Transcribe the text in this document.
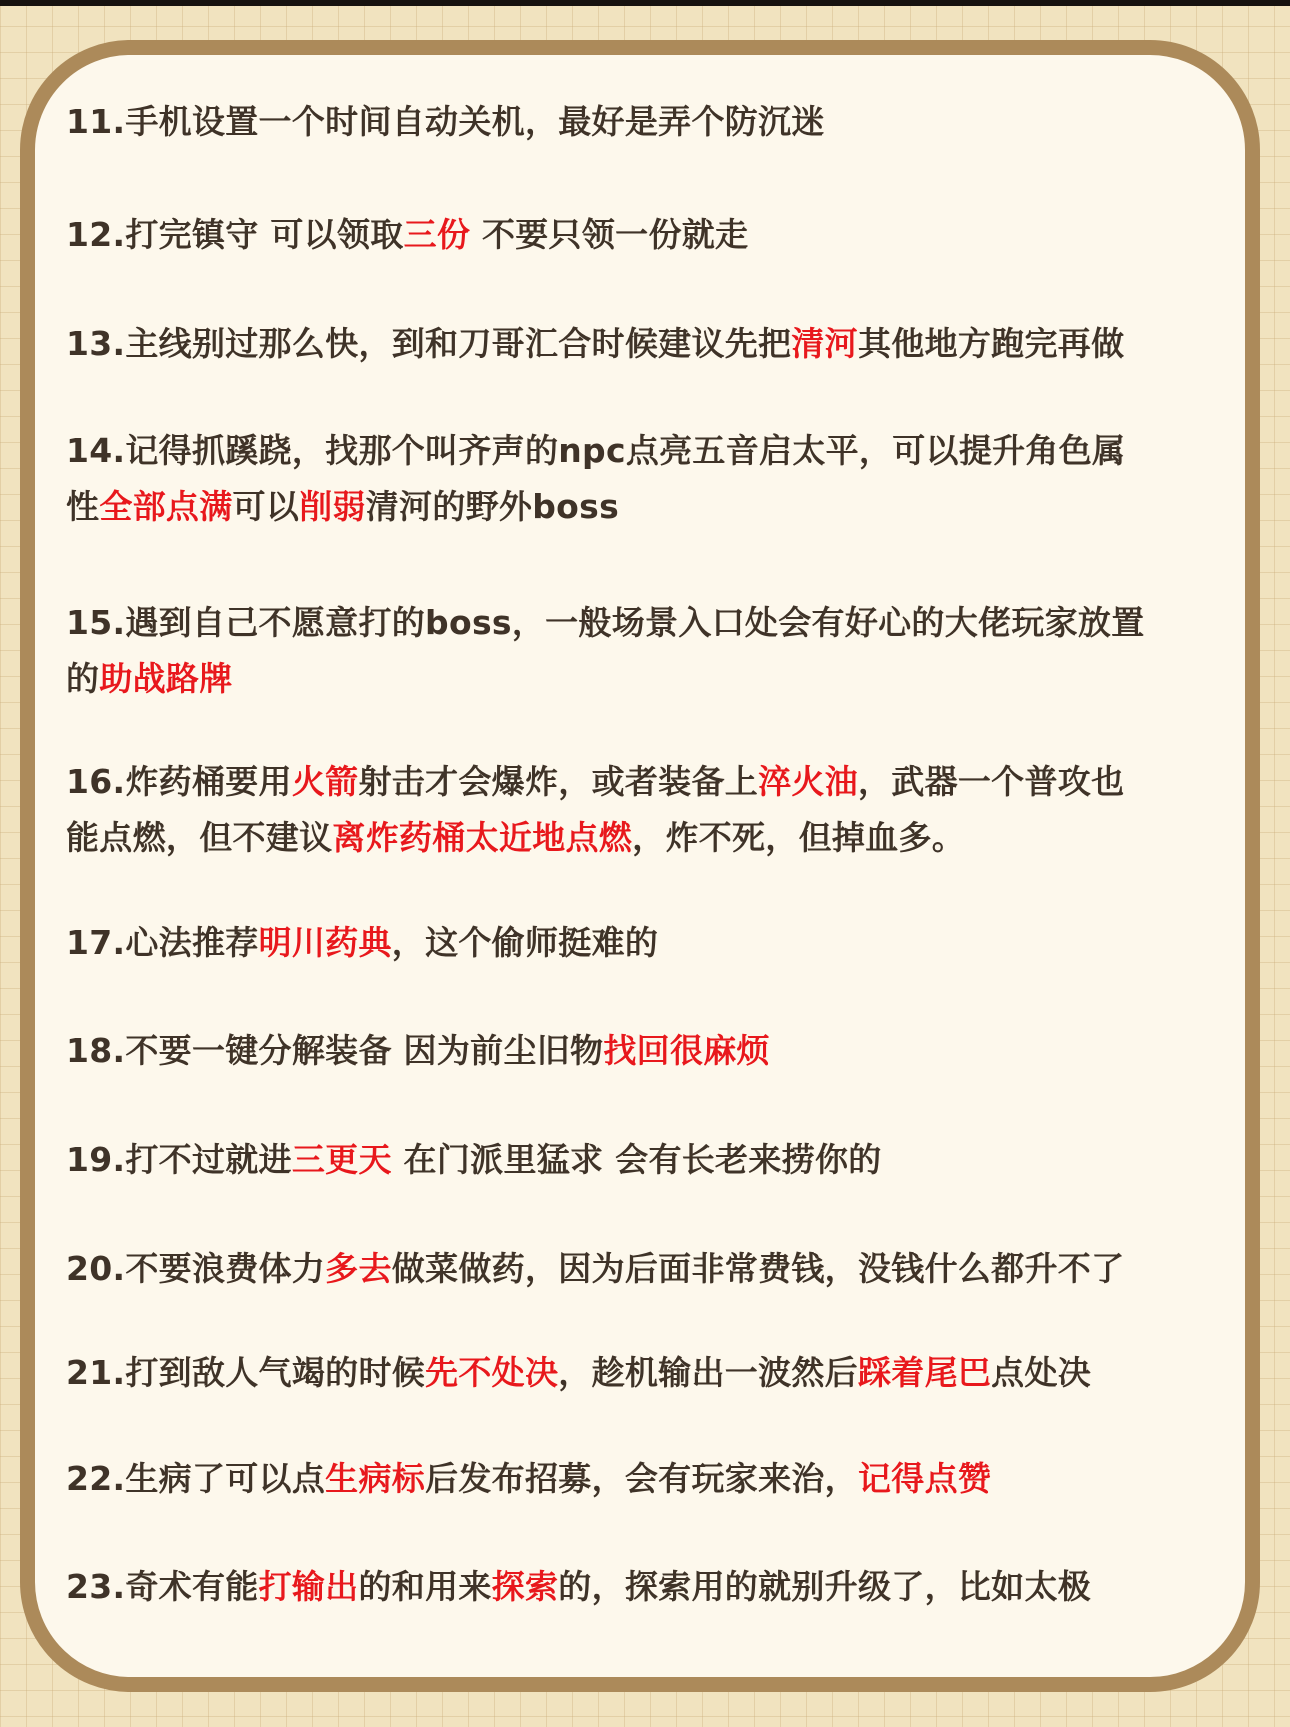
11.手机设置一个时间自动关机，最好是弄个防沉迷
12.打完镇守 可以领取三份 不要只领一份就走
13.主线别过那么快，到和刀哥汇合时候建议先把清河其他地方跑完再做
14.记得抓蹊跷，找那个叫齐声的npc点亮五音启太平，可以提升角色属
性全部点满可以削弱清河的野外boss
15.遇到自己不愿意打的boss，一般场景入口处会有好心的大佬玩家放置
的助战路牌
16.炸药桶要用火箭射击才会爆炸，或者装备上淬火油，武器一个普攻也
能点燃，但不建议离炸药桶太近地点燃，炸不死，但掉血多。
17.心法推荐明川药典，这个偷师挺难的
18.不要一键分解装备 因为前尘旧物找回很麻烦
19.打不过就进三更天 在门派里猛求 会有长老来捞你的
20.不要浪费体力多去做菜做药，因为后面非常费钱，没钱什么都升不了
21.打到敌人气竭的时候先不处决，趁机输出一波然后踩着尾巴点处决
22.生病了可以点生病标后发布招募，会有玩家来治，记得点赞
23.奇术有能打输出的和用来探索的，探索用的就别升级了，比如太极
